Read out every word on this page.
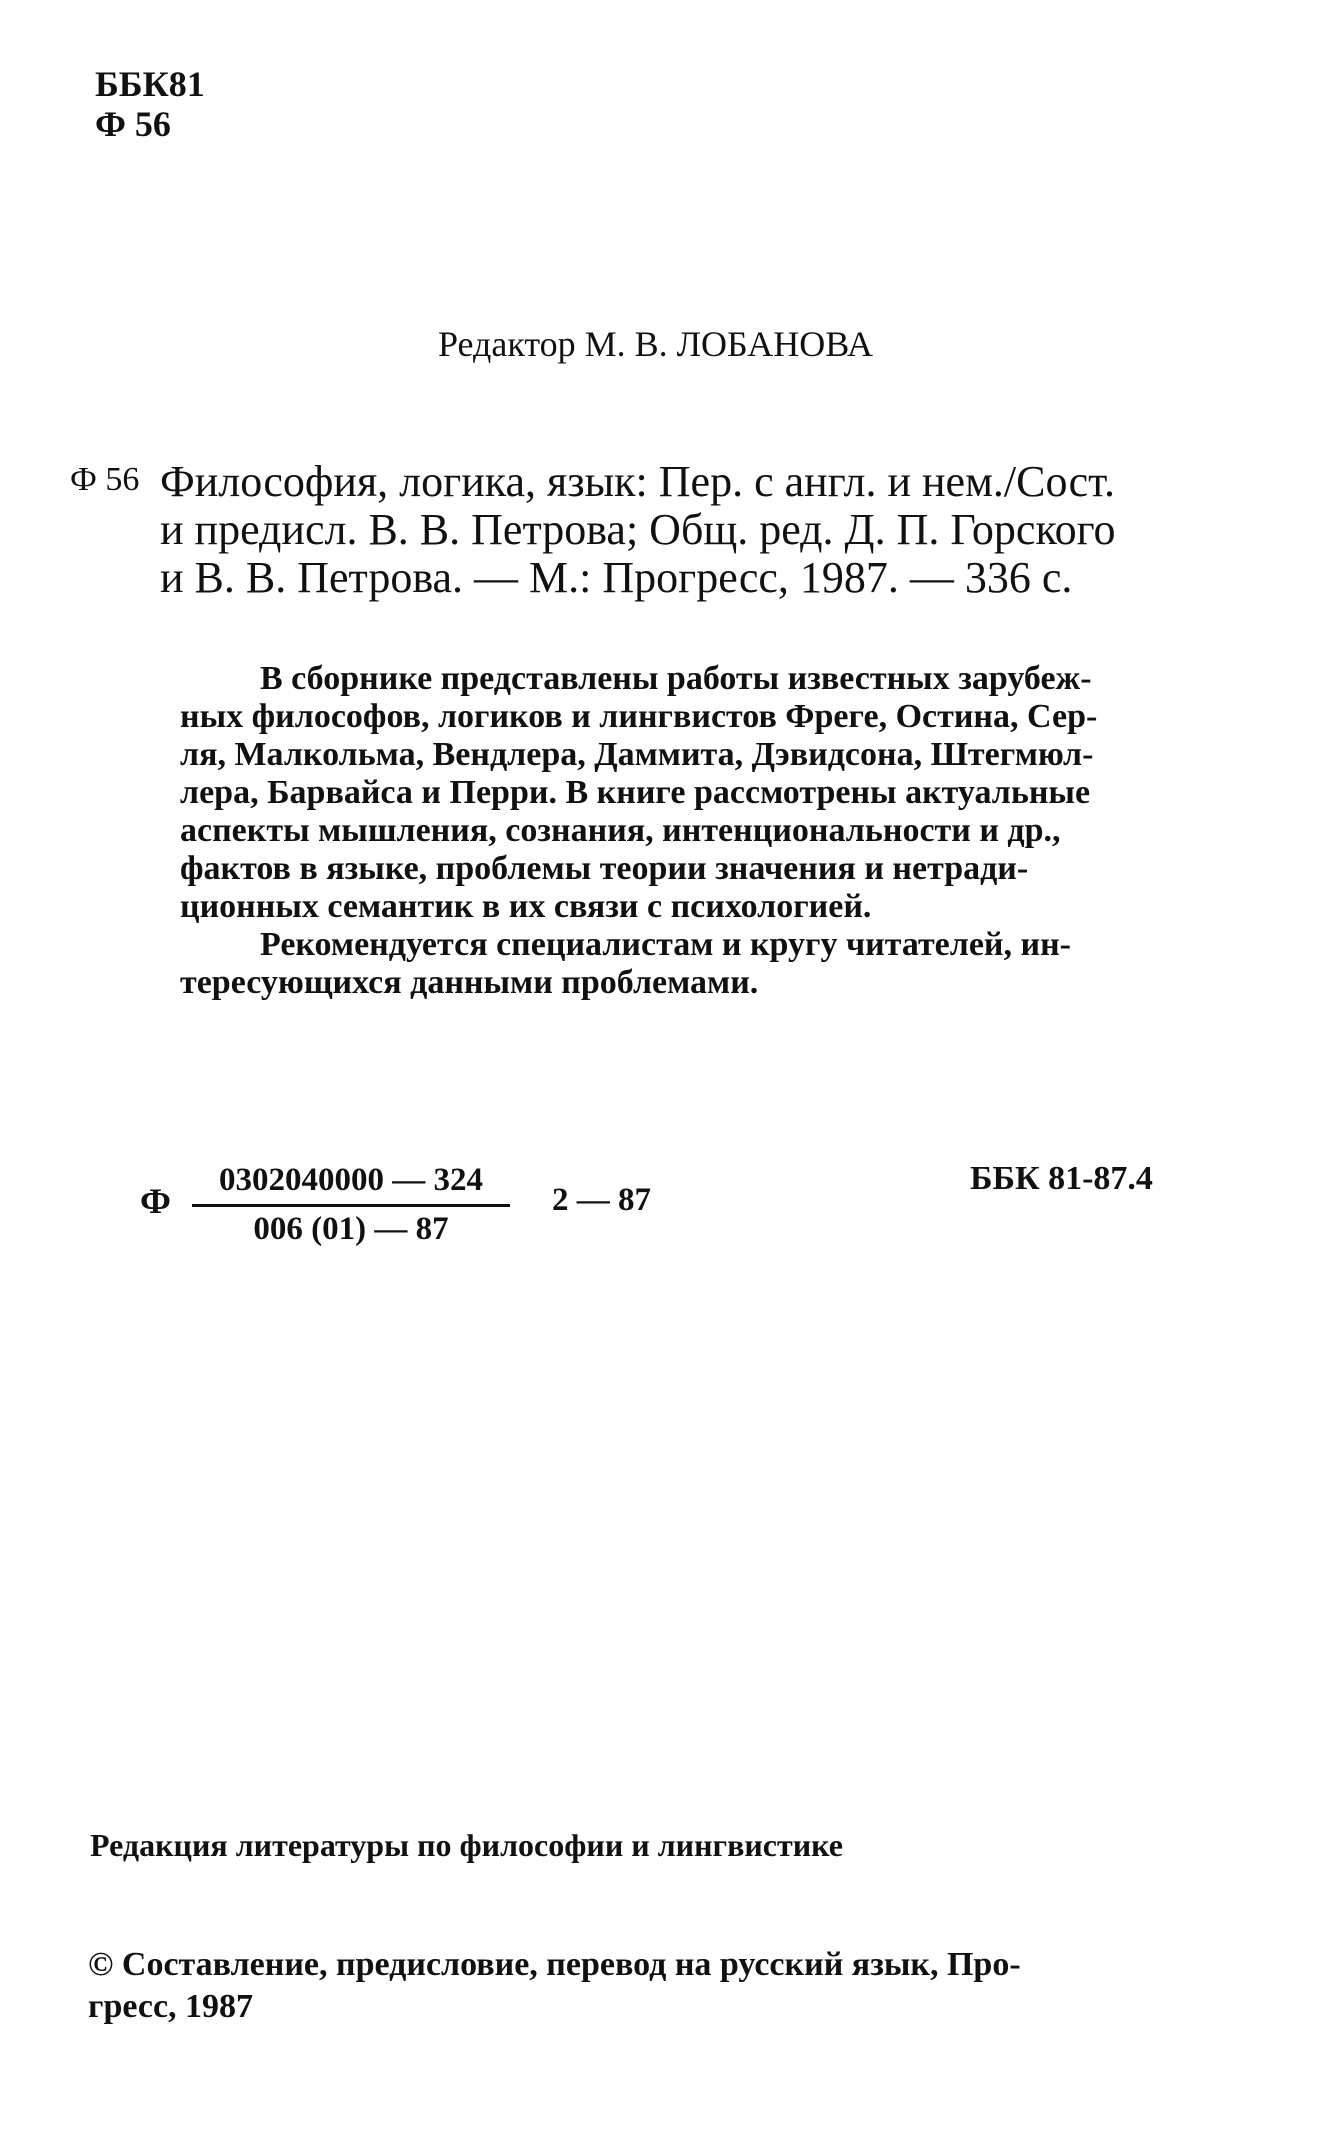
ББК81
Ф 56
Редактор М. В. ЛОБАНОВА
Ф 56 Философия, логика, язык: Пер. с англ. и нем./Сост.
и предисл. В. В. Петрова; Общ. ред. Д. П. Горского
и В. В. Петрова. — М.: Прогресс, 1987. — 336 с.

В сборнике представлены работы известных зарубеж-

ных философов, логиков и лингвистов Фреге, Остина, Сер-
ля, Малкольма, Вендлера, Даммита, Дэвидсона, Штегмюл-
лера, Барвайса и Перри. В книге рассмотрены актуальные
аспекты мышления, сознания, интенциональности и др.,
фактов в языке, проблемы теории значения и нетради-
ционных семантик в их связи с психологией.

Рекомендуется специалистам и кругу читателей, ин-

тересующихся данными проблемами.
Ф $\frac{0302040000 — 324}{006 (01) — 87} 2$ — 87
ББК 81-87.4
Редакция литературы по философии и лингвистике
© Составление, предисловие, перевод на русский язык, Про-
гресс, 1987
